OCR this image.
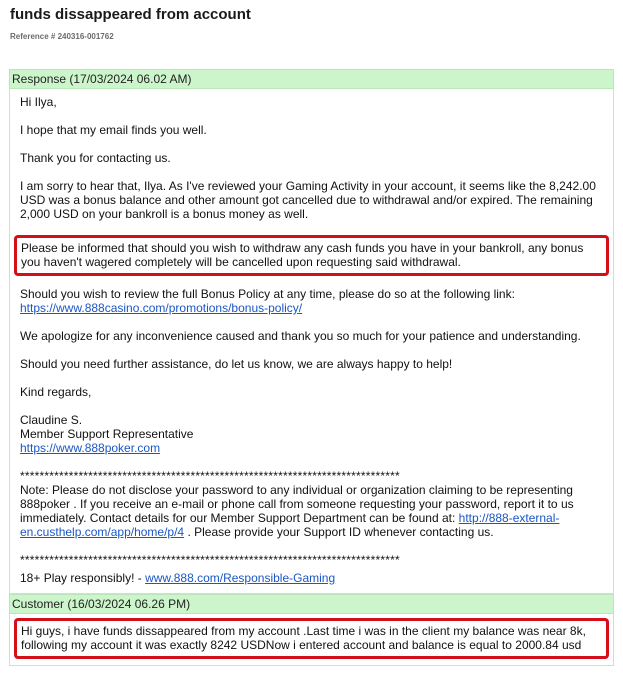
funds dissappeared from account
Reference # 240316-001762
Response (17/03/2024 06.02 AM)

Hi Ilya,

I hope that my email finds you well.

Thank you for contacting us.

I am sorry to hear that, Ilya. As I've reviewed your Gaming Activity in your account, it seems like the 8,242.00 USD was a bonus balance and other amount got cancelled due to withdrawal and/or expired. The remaining 2,000 USD on your bankroll is a bonus money as well.

Please be informed that should you wish to withdraw any cash funds you have in your bankroll, any bonus you haven't wagered completely will be cancelled upon requesting said withdrawal.

Should you wish to review the full Bonus Policy at any time, please do so at the following link:
https://www.888casino.com/promotions/bonus-policy/

We apologize for any inconvenience caused and thank you so much for your patience and understanding.

Should you need further assistance, do let us know, we are always happy to help!

Kind regards,

Claudine S.
Member Support Representative
https://www.888poker.com

******************************************************************************

Note: Please do not disclose your password to any individual or organization claiming to be representing 888poker . If you receive an e-mail or phone call from someone requesting your password, report it to us immediately. Contact details for our Member Support Department can be found at: http://888-external-en.custhelp.com/app/home/p/4 . Please provide your Support ID whenever contacting us.

******************************************************************************

18+ Play responsibly! - www.888.com/Responsible-Gaming

Customer (16/03/2024 06.26 PM)
Hi guys, i have funds dissappeared from my account .Last time i was in the client my balance was near 8k, following my account it was exactly 8242 USDNow i entered account and balance is equal to 2000.84 usd
